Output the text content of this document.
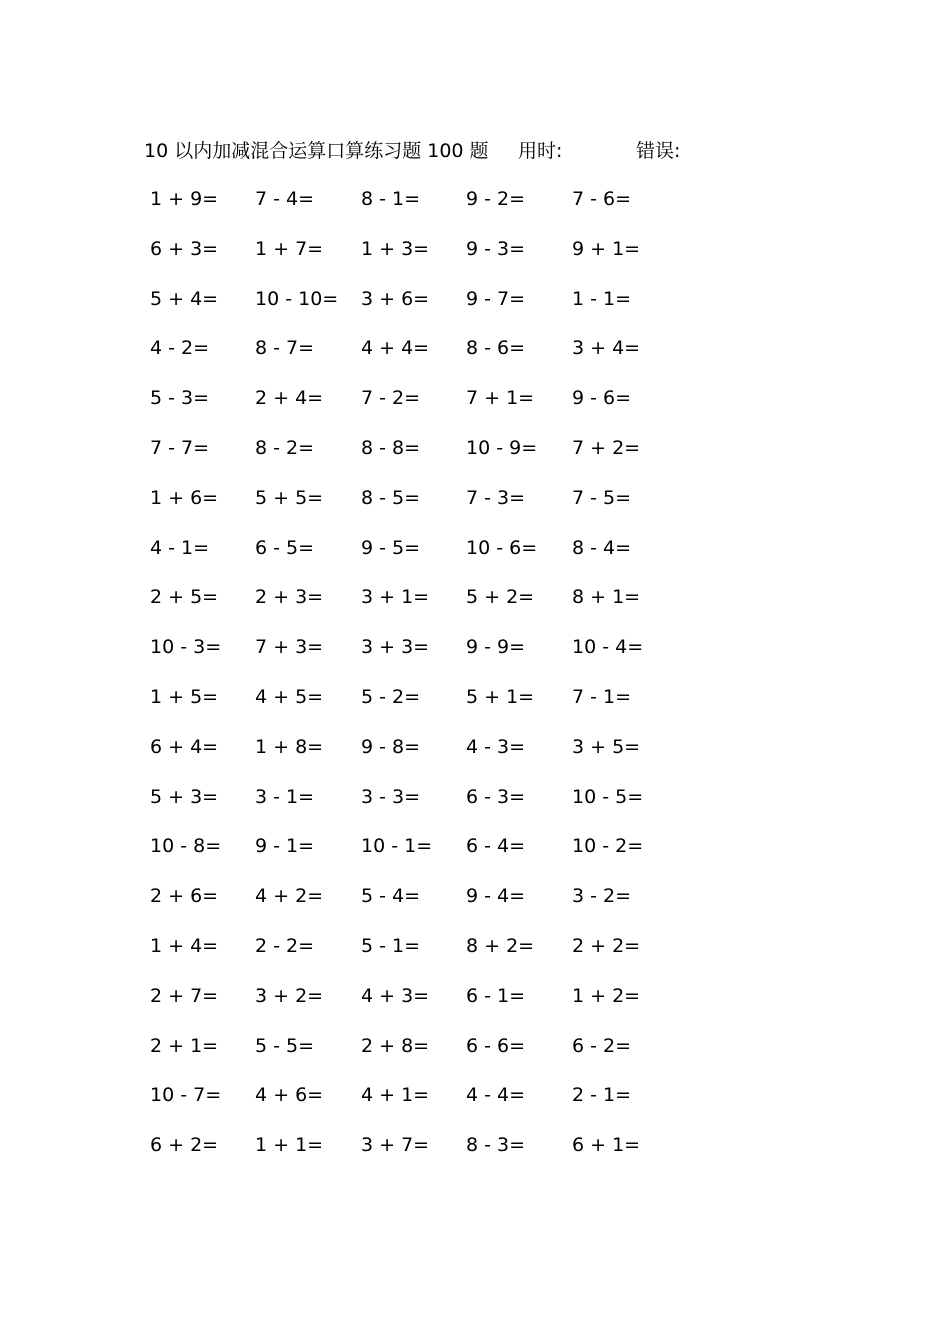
10 以内加减混合运算口算练习题 100 题 用时:	错误:
1 + 9= 7 - 4= 8 - 1= 9 - 2= 7 - 6=
6 + 3= 1 + 7= 1 + 3= 9 - 3= 9 + 1=
5 + 4= 10 - 10= 3 + 6= 9 - 7= 1 - 1=
4 - 2= 8 - 7= 4 + 4= 8 - 6= 3 + 4=
5 - 3= 2 + 4= 7 - 2= 7 + 1= 9 - 6=
7 - 7= 8 - 2= 8 - 8= 10 - 9= 7 + 2=
1 + 6= 5 + 5= 8 - 5= 7 - 3= 7 - 5=
4 - 1= 6 - 5= 9 - 5= 10 - 6= 8 - 4=
2 + 5= 2 + 3= 3 + 1= 5 + 2= 8 + 1=
10 - 3= 7 + 3= 3 + 3= 9 - 9= 10 - 4=
1 + 5= 4 + 5= 5 - 2= 5 + 1= 7 - 1=
6 + 4= 1 + 8= 9 - 8= 4 - 3= 3 + 5=
5 + 3= 3 - 1= 3 - 3= 6 - 3= 10 - 5=
10 - 8= 9 - 1= 10 - 1= 6 - 4= 10 - 2=
2 + 6= 4 + 2= 5 - 4= 9 - 4= 3 - 2=
1 + 4= 2 - 2= 5 - 1= 8 + 2= 2 + 2=
2 + 7= 3 + 2= 4 + 3= 6 - 1= 1 + 2=
2 + 1= 5 - 5= 2 + 8= 6 - 6= 6 - 2=
10 - 7= 4 + 6= 4 + 1= 4 - 4= 2 - 1=
6 + 2= 1 + 1= 3 + 7= 8 - 3= 6 + 1=
